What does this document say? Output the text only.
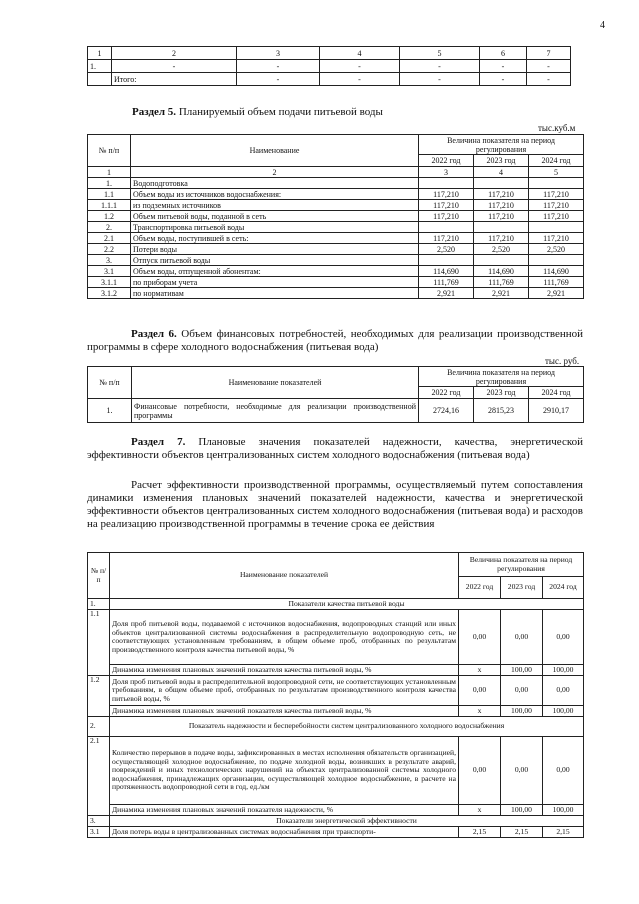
4
1	2	3	4	5	6	7
1.	-	-	-	-	-	-
	Итого:	-	-	-	-	-
Раздел 5. Планируемый объем подачи питьевой воды
тыс.куб.м
№ п/п	Наименование	Величина показателя на период регулирования		
		2022 год	2023 год	2024 год
1	2	3	4	5
1.	Водоподготовка			
1.1	Объем воды из источников водоснабжения:	117,210	117,210	117,210
1.1.1	из подземных источников	117,210	117,210	117,210
1.2	Объем питьевой воды, поданной в сеть	117,210	117,210	117,210
2.	Транспортировка питьевой воды			
2.1	Объем воды, поступившей в сеть:	117,210	117,210	117,210
2.2	Потери воды	2,520	2,520	2,520
3.	Отпуск питьевой воды			
3.1	Объем воды, отпущенной абонентам:	114,690	114,690	114,690
3.1.1	по приборам учета	111,769	111,769	111,769
3.1.2	по нормативам	2,921	2,921	2,921
Раздел 6. Объем финансовых потребностей, необходимых для реализации производственной программы в сфере холодного водоснабжения (питьевая вода)
тыс. руб.
№ п/п	Наименование показателей	Величина показателя на период регулирования		
		2022 год	2023 год	2024 год
1.	Финансовые потребности, необходимые для реализации производственной программы	2724,16	2815,23	2910,17
Раздел 7. Плановые значения показателей надежности, качества, энергетической эффективности объектов централизованных систем холодного водоснабжения (питьевая вода)
Расчет эффективности производственной программы, осуществляемый путем сопоставления динамики изменения плановых значений показателей надежности, качества и энергетической эффективности объектов централизованных систем холодного водоснабжения (питьевая вода) и расходов на реализацию производственной программы в течение срока ее действия
№ п/п	Наименование показателей	Величина показателя на период регулирования		
		2022 год	2023 год	2024 год
1.	Показатели качества питьевой воды			
1.1	Доля проб питьевой воды, подаваемой с источников водоснабжения, водопроводных станций или иных объектов централизованной системы водоснабжения в распределительную водопроводную сеть, не соответствующих установленным требованиям, в общем объеме проб, отобранных по результатам производственного контроля качества питьевой воды, %	0,00	0,00	0,00
	Динамика изменения плановых значений показателя качества питьевой воды, %	x	100,00	100,00
1.2	Доля проб питьевой воды в распределительной водопроводной сети, не соответствующих установленным требованиям, в общем объеме проб, отобранных по результатам производственного контроля качества питьевой воды, %	0,00	0,00	0,00
	Динамика изменения плановых значений показателя качества питьевой воды, %	x	100,00	100,00
2.	Показатель надежности и бесперебойности систем централизованного холодного водоснабжения			
2.1	Количество перерывов в подаче воды, зафиксированных в местах исполнения обязательств организацией, осуществляющей холодное водоснабжение, по подаче холодной воды, возникших в результате аварий, повреждений и иных технологических нарушений на объектах централизованной системы холодного водоснабжения, принадлежащих организации, осуществляющей холодное водоснабжение, в расчете на протяженность водопроводной сети в год, ед./км	0,00	0,00	0,00
	Динамика изменения плановых значений показателя надежности, %	x	100,00	100,00
3.	Показатели энергетической эффективности			
3.1	Доля потерь воды в централизованных системах водоснабжения при транспорти-	2,15	2,15	2,15
